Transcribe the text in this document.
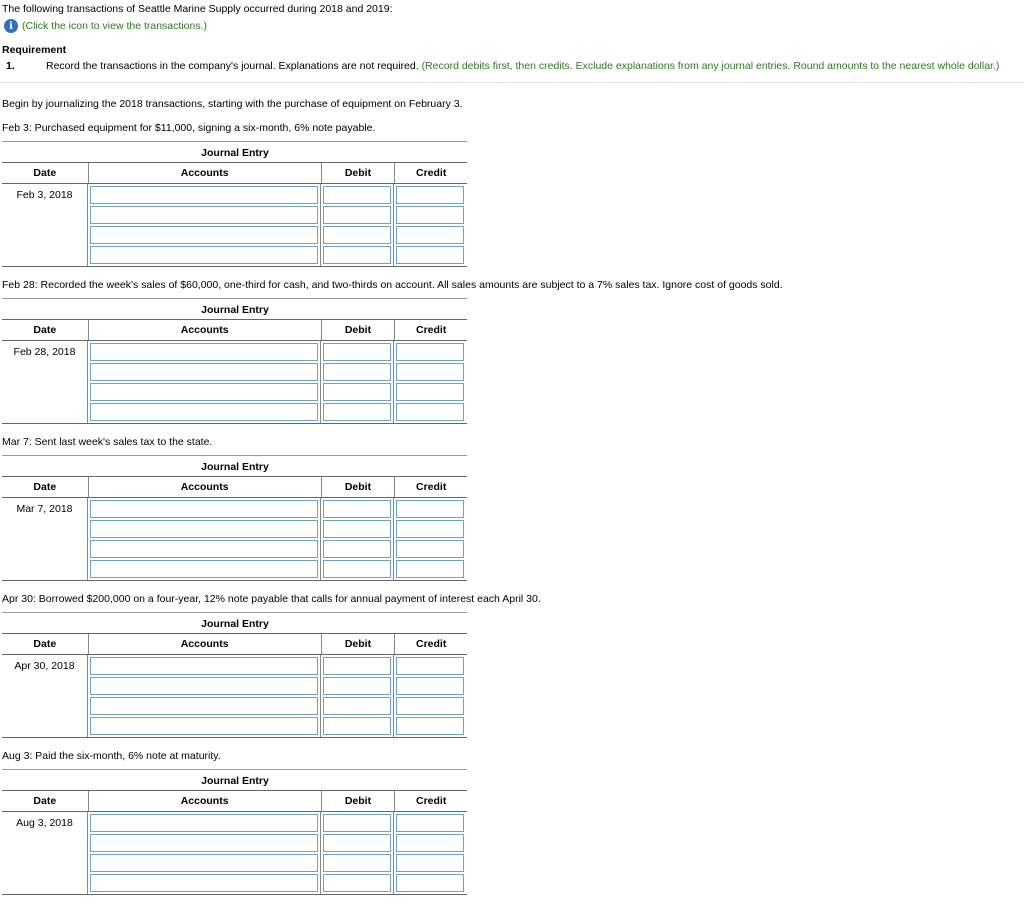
The following transactions of Seattle Marine Supply occurred during 2018 and 2019:
i (Click the icon to view the transactions.)
Requirement
1.	Record the transactions in the company's journal. Explanations are not required. (Record debits first, then credits. Exclude explanations from any journal entries. Round amounts to the nearest whole dollar.)
Begin by journalizing the 2018 transactions, starting with the purchase of equipment on February 3.
Feb 3: Purchased equipment for $11,000, signing a six-month, 6% note payable.
Journal Entry
Date	Accounts	Debit	Credit
Feb 3, 2018
Feb 28: Recorded the week's sales of $60,000, one-third for cash, and two-thirds on account. All sales amounts are subject to a 7% sales tax. Ignore cost of goods sold.
Journal Entry
Date	Accounts	Debit	Credit
Feb 28, 2018
Mar 7: Sent last week's sales tax to the state.
Journal Entry
Date	Accounts	Debit	Credit
Mar 7, 2018
Apr 30: Borrowed $200,000 on a four-year, 12% note payable that calls for annual payment of interest each April 30.
Journal Entry
Date	Accounts	Debit	Credit
Apr 30, 2018
Aug 3: Paid the six-month, 6% note at maturity.
Journal Entry
Date	Accounts	Debit	Credit
Aug 3, 2018
